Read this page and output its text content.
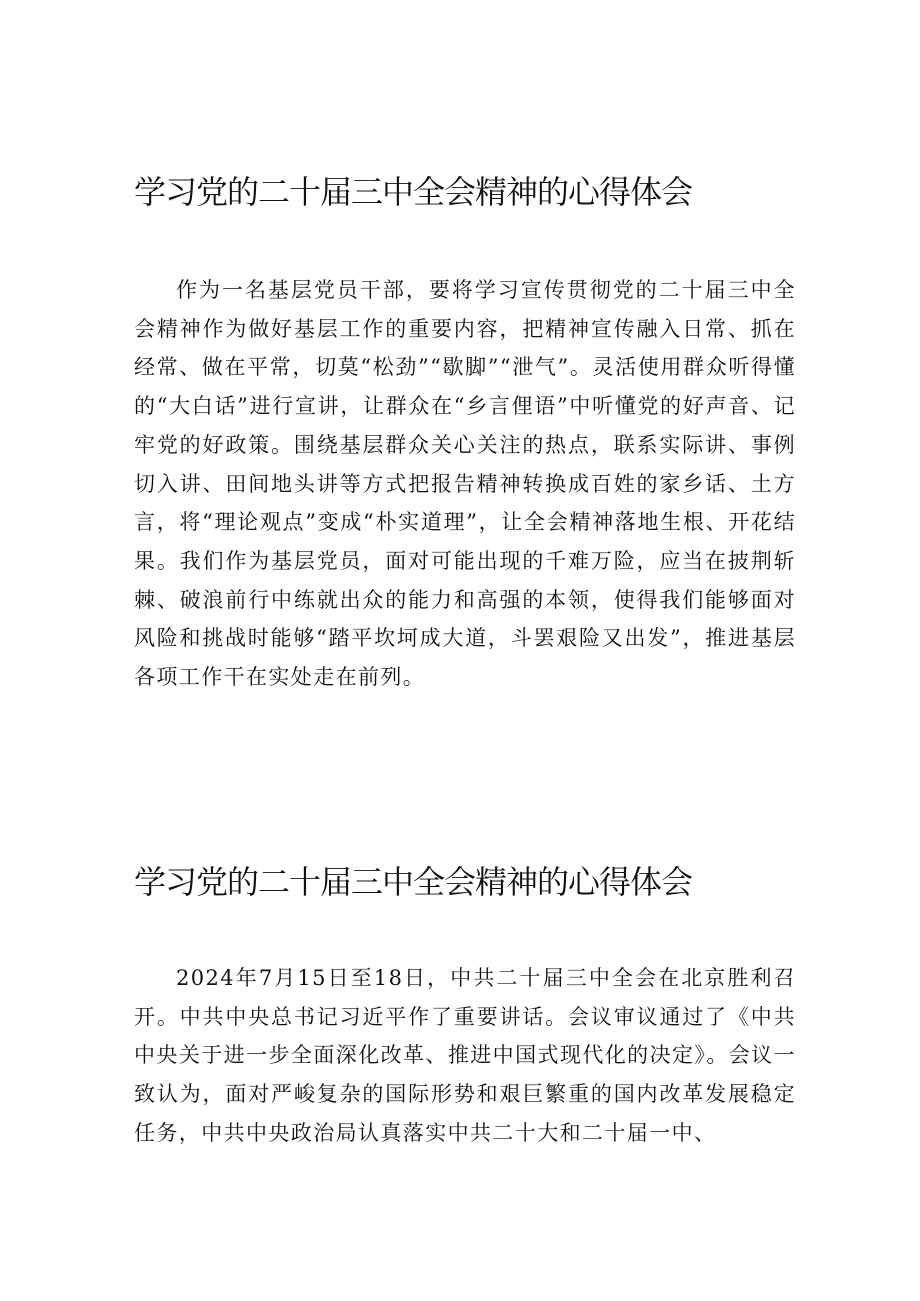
学习党的二十届三中全会精神的心得体会

作为一名基层党员干部，要将学习宣传贯彻党的二十届三中全会精神作为做好基层工作的重要内容，把精神宣传融入日常、抓在经常、做在平常，切莫“松劲”“歇脚”“泄气”。灵活使用群众听得懂的“大白话”进行宣讲，让群众在“乡言俚语”中听懂党的好声音、记牢党的好政策。围绕基层群众关心关注的热点，联系实际讲、事例切入讲、田间地头讲等方式把报告精神转换成百姓的家乡话、土方言，将“理论观点”变成“朴实道理”，让全会精神落地生根、开花结果。我们作为基层党员，面对可能出现的千难万险，应当在披荆斩棘、破浪前行中练就出众的能力和高强的本领，使得我们能够面对风险和挑战时能够“踏平坎坷成大道，斗罢艰险又出发”，推进基层各项工作干在实处走在前列。

学习党的二十届三中全会精神的心得体会

2024年7月15日至18日，中共二十届三中全会在北京胜利召开。中共中央总书记习近平作了重要讲话。会议审议通过了《中共中央关于进一步全面深化改革、推进中国式现代化的决定》。会议一致认为，面对严峻复杂的国际形势和艰巨繁重的国内改革发展稳定任务，中共中央政治局认真落实中共二十大和二十届一中、
